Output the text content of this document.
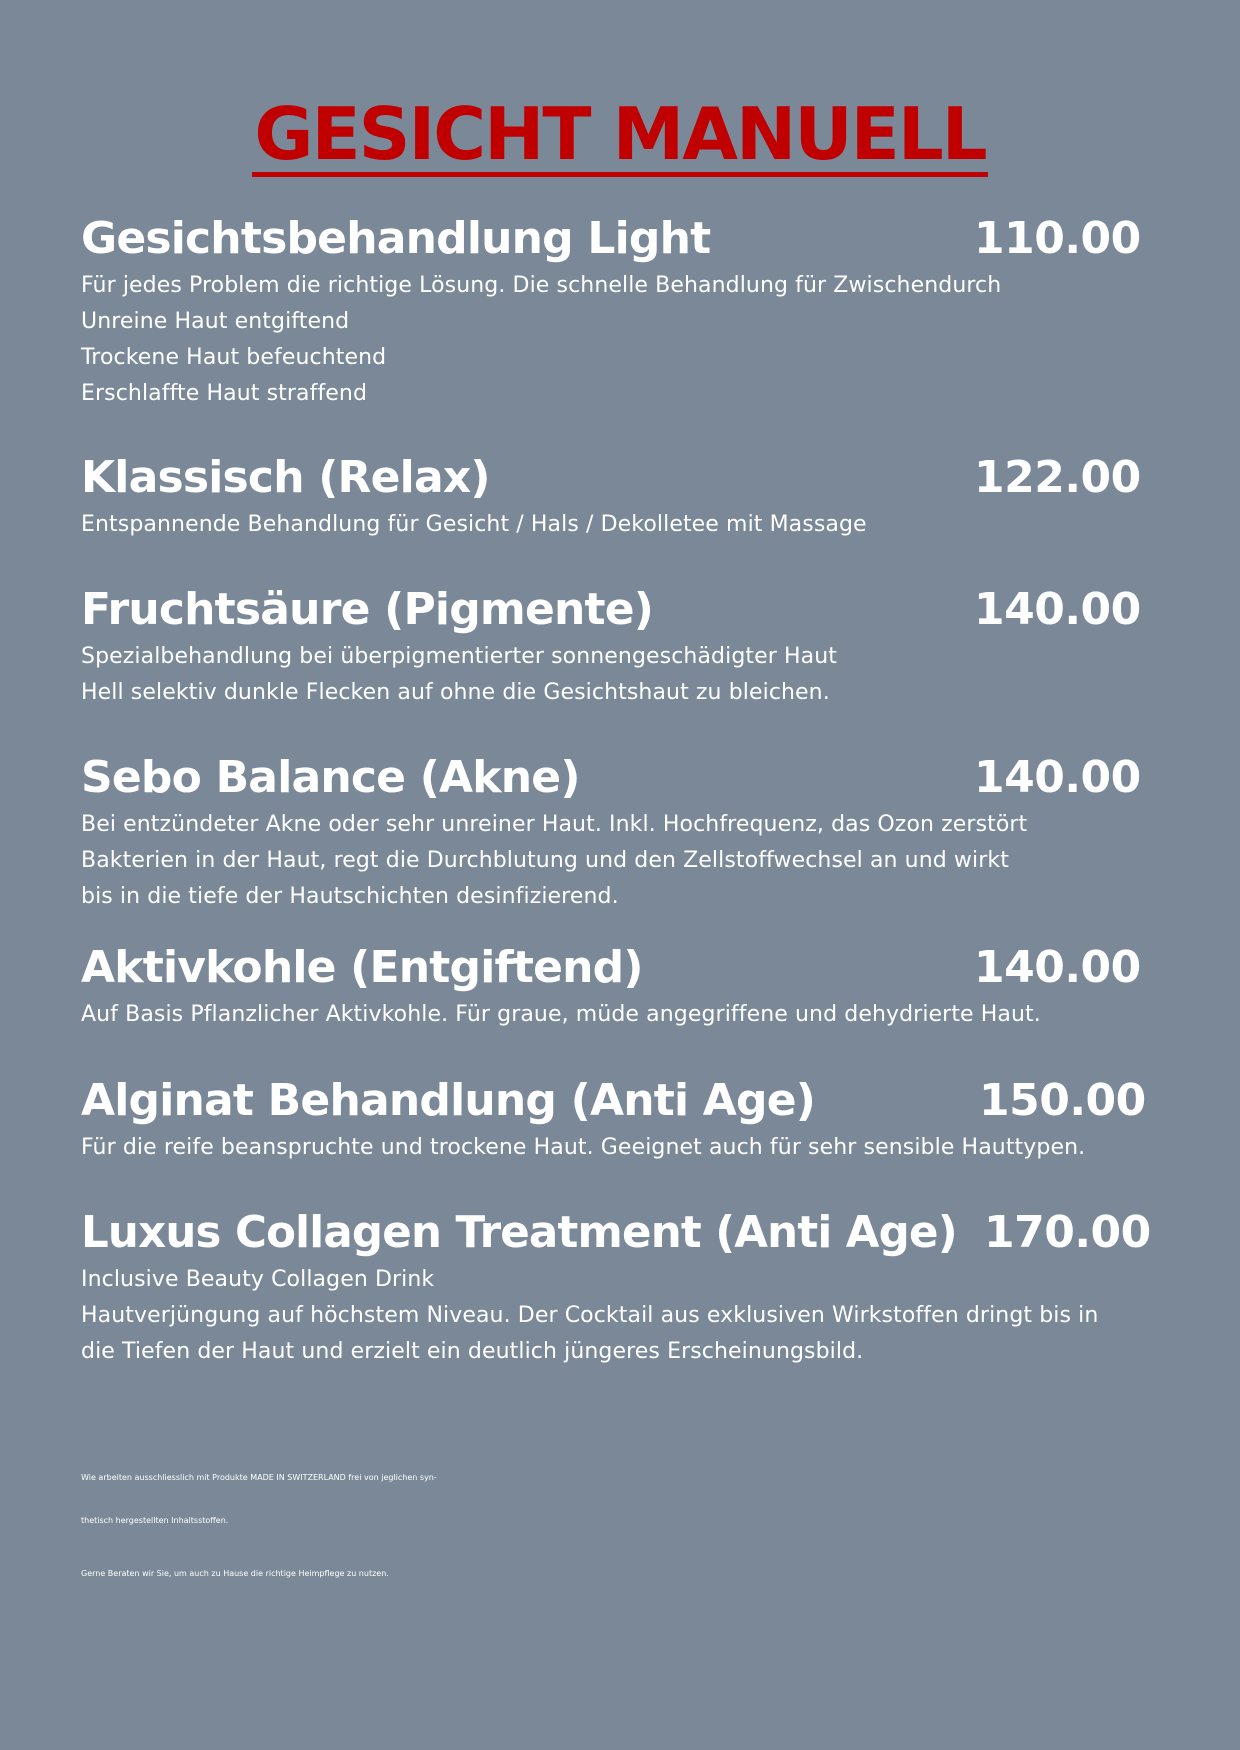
GESICHT MANUELL
Gesichtsbehandlung Light	110.00
Für jedes Problem die richtige Lösung. Die schnelle Behandlung für Zwischendurch
Unreine Haut entgiftend
Trockene Haut befeuchtend
Erschlaffte Haut straffend
Klassisch (Relax)	122.00
Entspannende Behandlung für Gesicht / Hals / Dekolletee mit Massage
Fruchtsäure (Pigmente)	140.00
Spezialbehandlung bei überpigmentierter sonnengeschädigter Haut
Hell selektiv dunkle Flecken auf ohne die Gesichtshaut zu bleichen.
Sebo Balance (Akne)	140.00
Bei entzündeter Akne oder sehr unreiner Haut. Inkl. Hochfrequenz, das Ozon zerstört
Bakterien in der Haut, regt die Durchblutung und den Zellstoffwechsel an und wirkt
bis in die tiefe der Hautschichten desinfizierend.
Aktivkohle (Entgiftend)	140.00
Auf Basis Pflanzlicher Aktivkohle. Für graue, müde angegriffene und dehydrierte Haut.
Alginat Behandlung (Anti Age)	150.00
Für die reife beanspruchte und trockene Haut. Geeignet auch für sehr sensible Hauttypen.
Luxus Collagen Treatment (Anti Age) 170.00
Inclusive Beauty Collagen Drink
Hautverjüngung auf höchstem Niveau. Der Cocktail aus exklusiven Wirkstoffen dringt bis in
die Tiefen der Haut und erzielt ein deutlich jüngeres Erscheinungsbild.

Wie arbeiten ausschliesslich mit Produkte MADE IN SWITZERLAND frei von jeglichen syn-

thetisch hergestellten Inhaltsstoffen.

Gerne Beraten wir Sie, um auch zu Hause die richtige Heimpflege zu nutzen.
